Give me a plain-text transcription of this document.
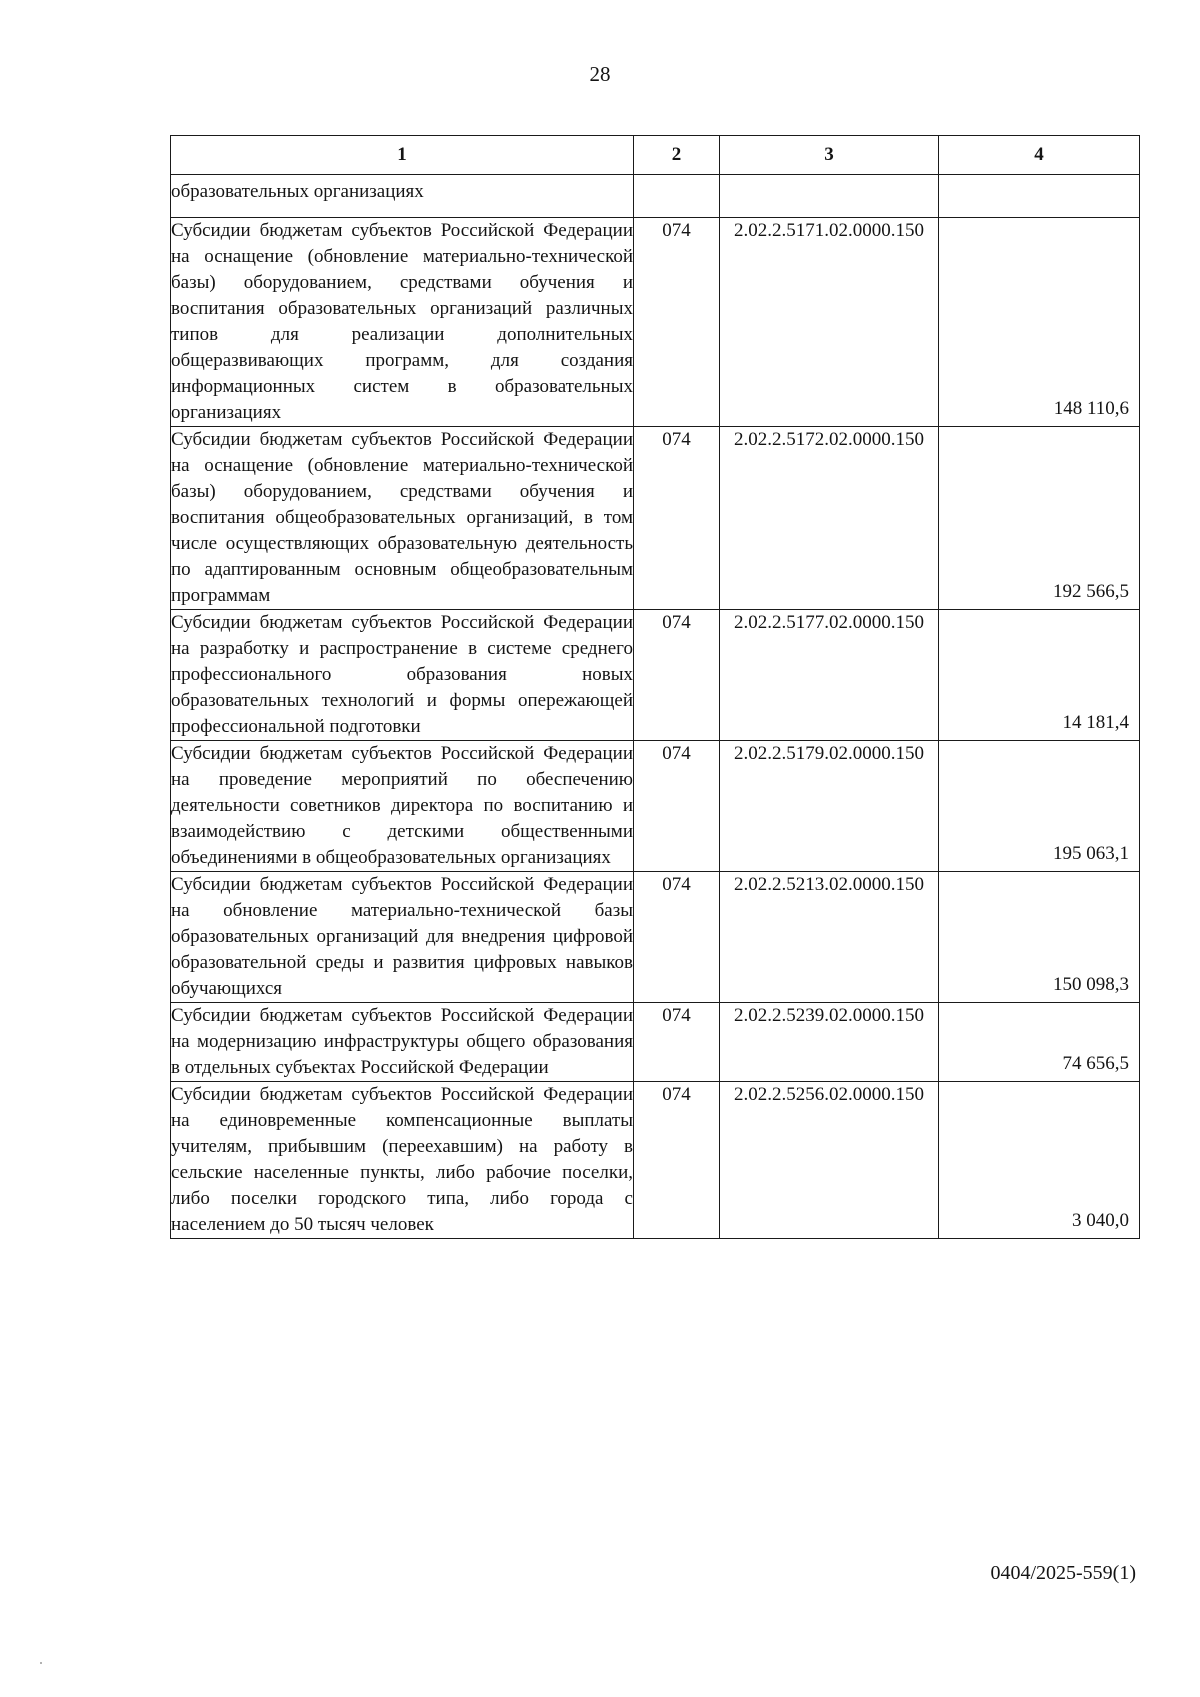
28
1	2	3	4
образовательных организациях			
Субсидии бюджетам субъектов Российской Федерации на оснащение (обновление материально-технической базы) оборудованием, средствами обучения и воспитания образовательных организаций различных типов для реализации дополнительных общеразвивающих программ, для создания информационных систем в образовательных организациях	074	2.02.2.5171.02.0000.150	148 110,6
Субсидии бюджетам субъектов Российской Федерации на оснащение (обновление материально-технической базы) оборудованием, средствами обучения и воспитания общеобразовательных организаций, в том числе осуществляющих образовательную деятельность по адаптированным основным общеобразовательным программам	074	2.02.2.5172.02.0000.150	192 566,5
Субсидии бюджетам субъектов Российской Федерации на разработку и распространение в системе среднего профессионального образования новых образовательных технологий и формы опережающей профессиональной подготовки	074	2.02.2.5177.02.0000.150	14 181,4
Субсидии бюджетам субъектов Российской Федерации на проведение мероприятий по обеспечению деятельности советников директора по воспитанию и взаимодействию с детскими общественными объединениями в общеобразовательных организациях	074	2.02.2.5179.02.0000.150	195 063,1
Субсидии бюджетам субъектов Российской Федерации на обновление материально-технической базы образовательных организаций для внедрения цифровой образовательной среды и развития цифровых навыков обучающихся	074	2.02.2.5213.02.0000.150	150 098,3
Субсидии бюджетам субъектов Российской Федерации на модернизацию инфраструктуры общего образования в отдельных субъектах Российской Федерации	074	2.02.2.5239.02.0000.150	74 656,5
Субсидии бюджетам субъектов Российской Федерации на единовременные компенсационные выплаты учителям, прибывшим (переехавшим) на работу в сельские населенные пункты, либо рабочие поселки, либо поселки городского типа, либо города с населением до 50 тысяч человек	074	2.02.2.5256.02.0000.150	3 040,0
0404/2025-559(1)
